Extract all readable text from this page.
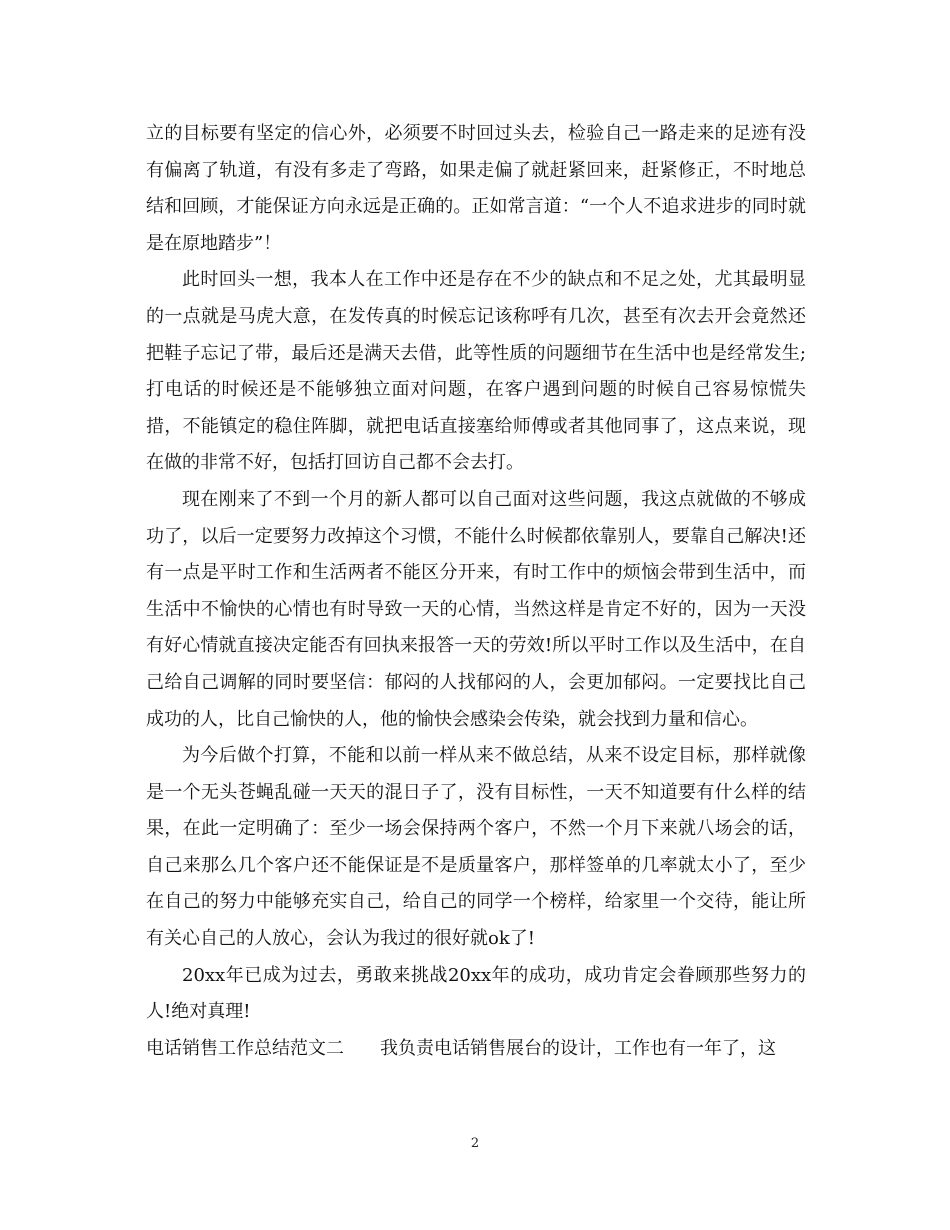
立的目标要有坚定的信心外，必须要不时回过头去，检验自己一路走来的足迹有没有偏离了轨道，有没有多走了弯路，如果走偏了就赶紧回来，赶紧修正，不时地总结和回顾，才能保证方向永远是正确的。正如常言道：“一个人不追求进步的同时就是在原地踏步”！

此时回头一想，我本人在工作中还是存在不少的缺点和不足之处，尤其最明显的一点就是马虎大意，在发传真的时候忘记该称呼有几次，甚至有次去开会竟然还把鞋子忘记了带，最后还是满天去借，此等性质的问题细节在生活中也是经常发生;打电话的时候还是不能够独立面对问题，在客户遇到问题的时候自己容易惊慌失措，不能镇定的稳住阵脚，就把电话直接塞给师傅或者其他同事了，这点来说，现在做的非常不好，包括打回访自己都不会去打。

现在刚来了不到一个月的新人都可以自己面对这些问题，我这点就做的不够成功了，以后一定要努力改掉这个习惯，不能什么时候都依靠别人，要靠自己解决!还有一点是平时工作和生活两者不能区分开来，有时工作中的烦恼会带到生活中，而生活中不愉快的心情也有时导致一天的心情，当然这样是肯定不好的，因为一天没有好心情就直接决定能否有回执来报答一天的劳效!所以平时工作以及生活中，在自己给自己调解的同时要坚信：郁闷的人找郁闷的人，会更加郁闷。一定要找比自己成功的人，比自己愉快的人，他的愉快会感染会传染，就会找到力量和信心。

为今后做个打算，不能和以前一样从来不做总结，从来不设定目标，那样就像是一个无头苍蝇乱碰一天天的混日子了，没有目标性，一天不知道要有什么样的结果，在此一定明确了：至少一场会保持两个客户，不然一个月下来就八场会的话，自己来那么几个客户还不能保证是不是质量客户，那样签单的几率就太小了，至少在自己的努力中能够充实自己，给自己的同学一个榜样，给家里一个交待，能让所有关心自己的人放心，会认为我过的很好就ok了!

20xx年已成为过去，勇敢来挑战20xx年的成功，成功肯定会眷顾那些努力的人!绝对真理!

电话销售工作总结范文二 我负责电话销售展台的设计，工作也有一年了，这

2
